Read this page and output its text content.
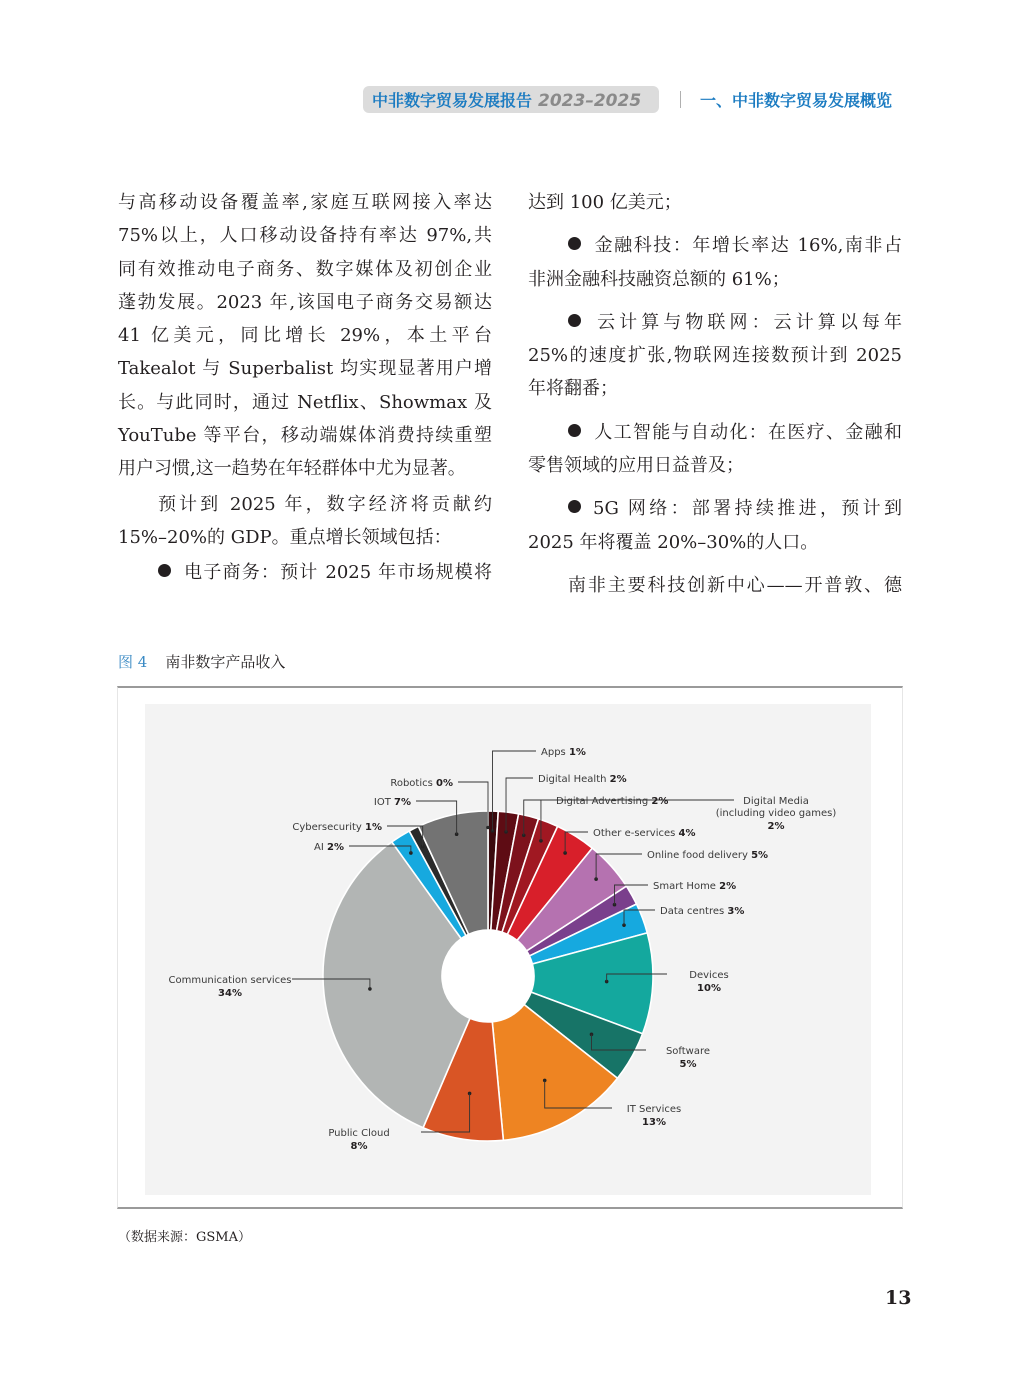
中非数字贸易发展报告 2023–2025	一、中非数字贸易发展概览

与高移动设备覆盖率,家庭互联网接入率达
75%以上，人口移动设备持有率达 97%,共
同有效推动电子商务、数字媒体及初创企业
蓬勃发展。2023 年,该国电子商务交易额达
41 亿美元，同比增长 29%，本土平台
Takealot 与 Superbalist 均实现显著用户增
长。与此同时，通过 Netflix、Showmax 及
YouTube 等平台，移动端媒体消费持续重塑
用户习惯,这一趋势在年轻群体中尤为显著。

预计到 2025 年，数字经济将贡献约
15%–20%的 GDP。重点增长领域包括：

电子商务：预计 2025 年市场规模将

达到 100 亿美元；

金融科技：年增长率达 16%,南非占
非洲金融科技融资总额的 61%；

云计算与物联网：云计算以每年
25%的速度扩张,物联网连接数预计到 2025
年将翻番；

人工智能与自动化：在医疗、金融和
零售领域的应用日益普及；

5G 网络：部署持续推进，预计到
2025 年将覆盖 20%–30%的人口。

南非主要科技创新中心——开普敦、德

图 4 南非数字产品收入
Apps 1%
Digital Health 2%
Digital Advertising 2%	Digital Media (including video games) 2%
Other e-services 4%
Online food delivery 5%
Smart Home 2%
Data centres 3%
Devices 10%
Software 5%
IT Services 13%
Public Cloud 8%
Communication services 34%
AI 2%
Cybersecurity 1%
IOT 7%
Robotics 0%
（数据来源：GSMA）
13
